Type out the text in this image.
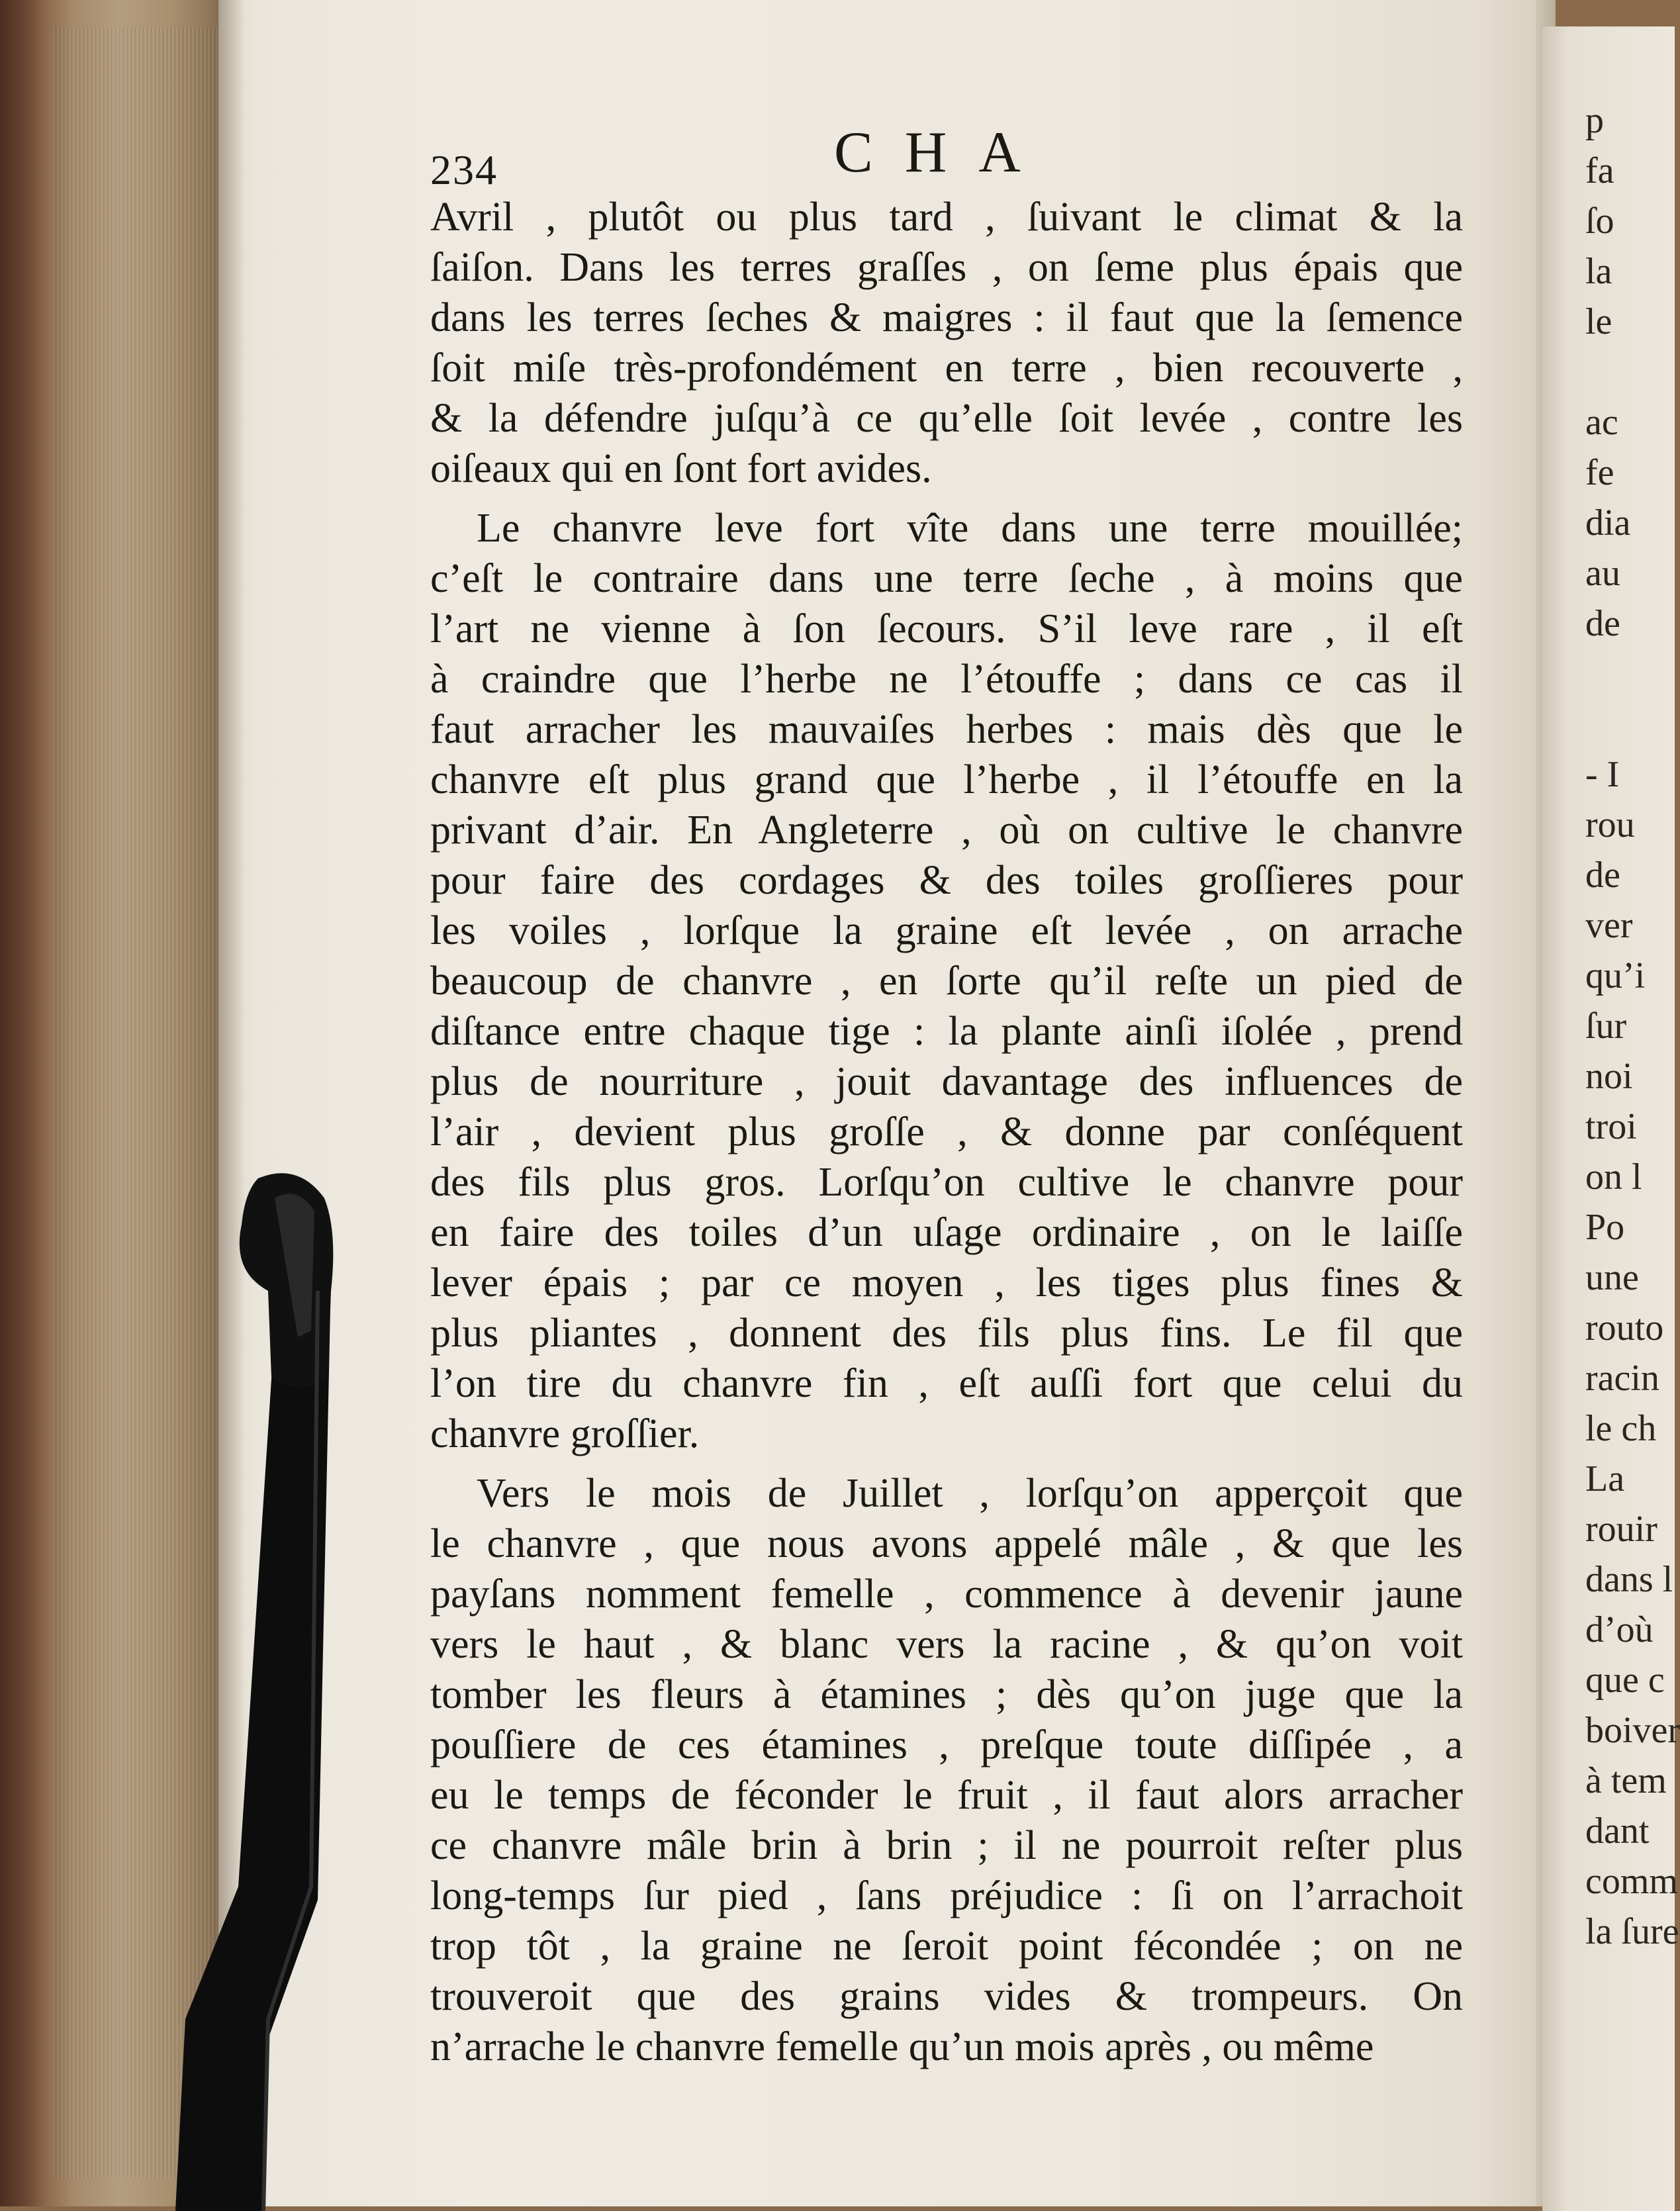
p
fa
ſo
la
le
ac
fe
dia
au
de
- I
rou
de
ver
qu’i
ſur
noi
troi
on l
Po
une
routo
racin
le ch
La
rouir
dans l
d’où
que c
boiver
à tem
dant
comm
la ſure
234	CHA
Avril , plutôt ou plus tard , ſuivant le climat & la
ſaiſon. Dans les terres graſſes , on ſeme plus épais que
dans les terres ſeches & maigres : il faut que la ſemence
ſoit miſe très-profondément en terre , bien recouverte ,
& la défendre juſqu’à ce qu’elle ſoit levée , contre les
oiſeaux qui en ſont fort avides.
Le chanvre leve fort vîte dans une terre mouillée;
c’eſt le contraire dans une terre ſeche , à moins que
l’art ne vienne à ſon ſecours. S’il leve rare , il eſt
à craindre que l’herbe ne l’étouffe ; dans ce cas il
faut arracher les mauvaiſes herbes : mais dès que le
chanvre eſt plus grand que l’herbe , il l’étouffe en la
privant d’air. En Angleterre , où on cultive le chanvre
pour faire des cordages & des toiles groſſieres pour
les voiles , lorſque la graine eſt levée , on arrache
beaucoup de chanvre , en ſorte qu’il reſte un pied de
diſtance entre chaque tige : la plante ainſi iſolée , prend
plus de nourriture , jouit davantage des influences de
l’air , devient plus groſſe , & donne par conſéquent
des fils plus gros. Lorſqu’on cultive le chanvre pour
en faire des toiles d’un uſage ordinaire , on le laiſſe
lever épais ; par ce moyen , les tiges plus fines &
plus pliantes , donnent des fils plus fins. Le fil que
l’on tire du chanvre fin , eſt auſſi fort que celui du
chanvre groſſier.
Vers le mois de Juillet , lorſqu’on apperçoit que
le chanvre , que nous avons appelé mâle , & que les
payſans nomment femelle , commence à devenir jaune
vers le haut , & blanc vers la racine , & qu’on voit
tomber les fleurs à étamines ; dès qu’on juge que la
pouſſiere de ces étamines , preſque toute diſſipée , a
eu le temps de féconder le fruit , il faut alors arracher
ce chanvre mâle brin à brin ; il ne pourroit reſter plus
long-temps ſur pied , ſans préjudice : ſi on l’arrachoit
trop tôt , la graine ne ſeroit point fécondée ; on ne
trouveroit que des grains vides & trompeurs. On
n’arrache le chanvre femelle qu’un mois après , ou même
